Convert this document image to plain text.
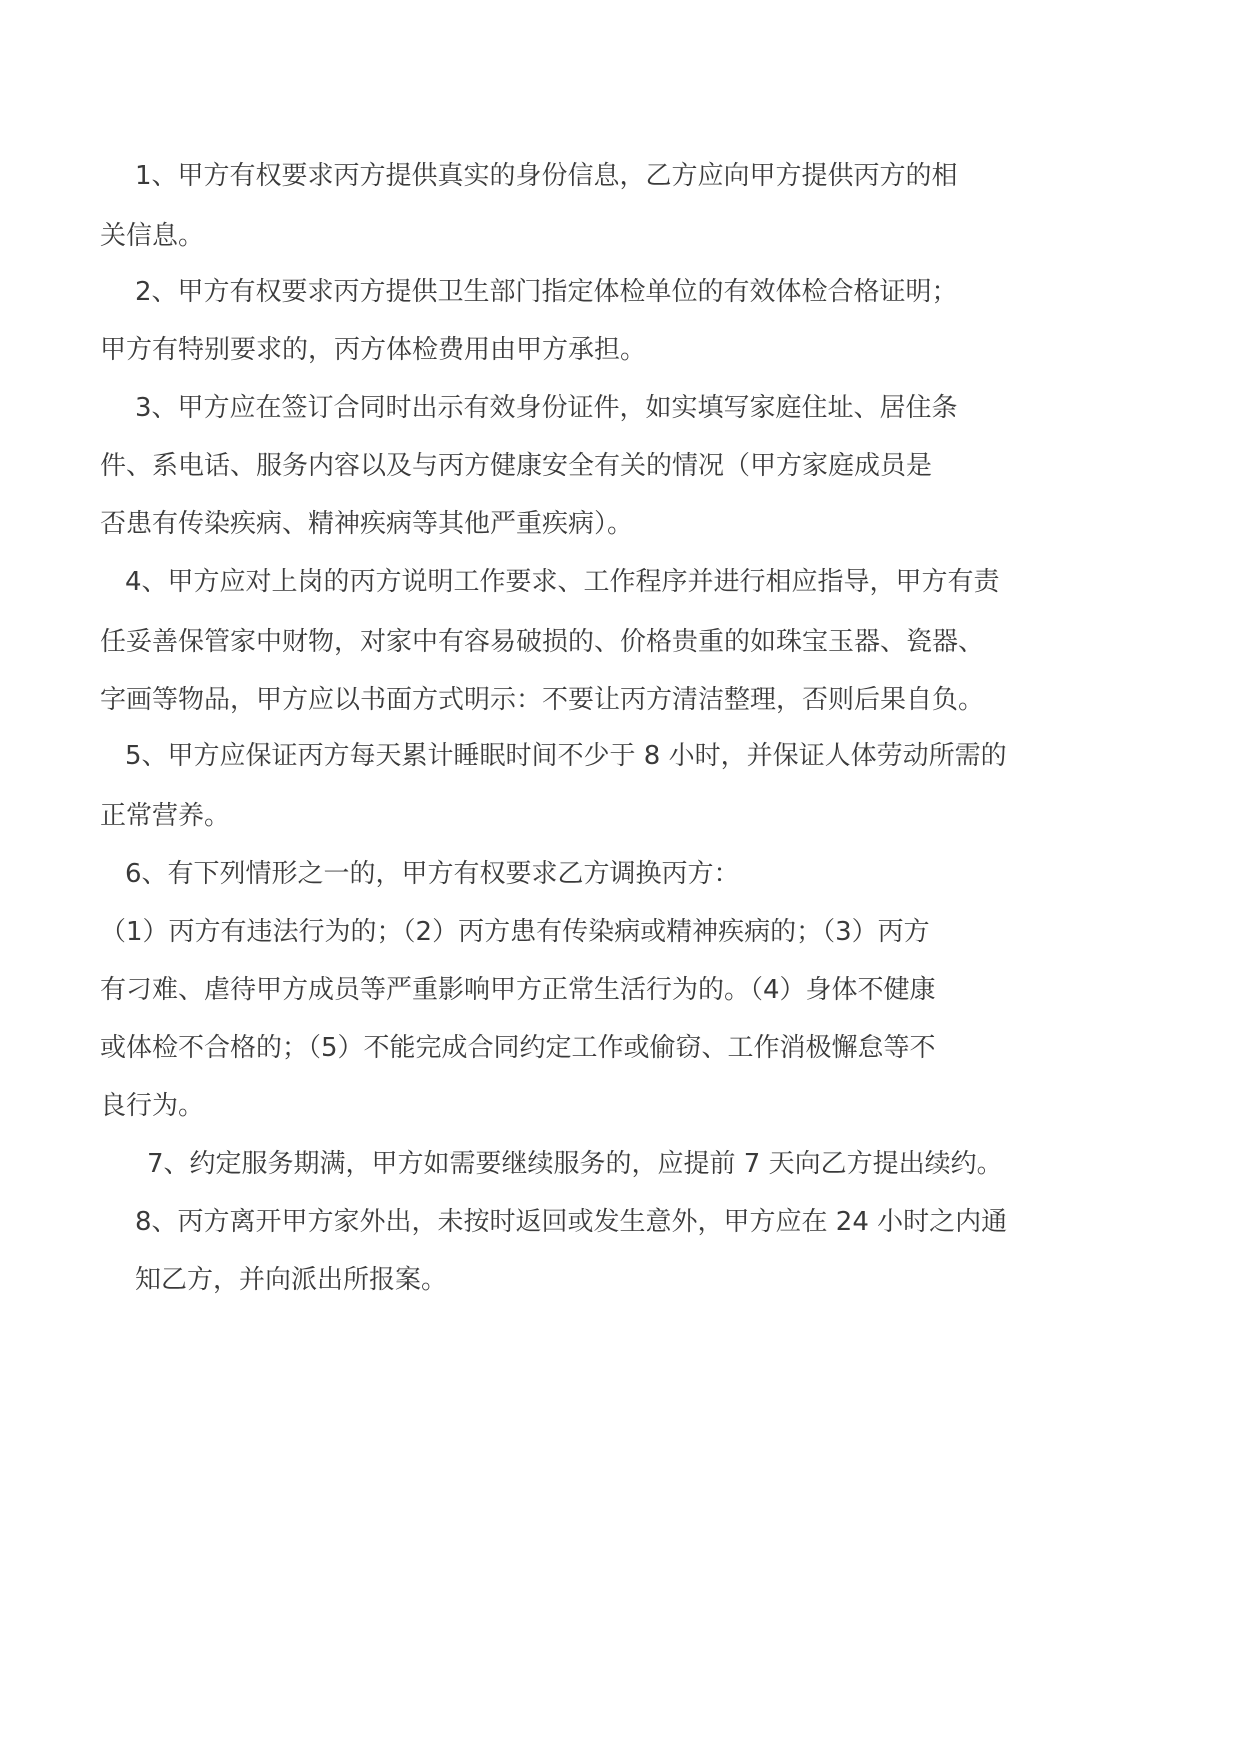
1、甲方有权要求丙方提供真实的身份信息，乙方应向甲方提供丙方的相
关信息。
2、甲方有权要求丙方提供卫生部门指定体检单位的有效体检合格证明；
甲方有特别要求的，丙方体检费用由甲方承担。
3、甲方应在签订合同时出示有效身份证件，如实填写家庭住址、居住条
件、系电话、服务内容以及与丙方健康安全有关的情况（甲方家庭成员是
否患有传染疾病、精神疾病等其他严重疾病）。
4、甲方应对上岗的丙方说明工作要求、工作程序并进行相应指导，甲方有责
任妥善保管家中财物，对家中有容易破损的、价格贵重的如珠宝玉器、瓷器、
字画等物品，甲方应以书面方式明示：不要让丙方清洁整理，否则后果自负。
5、甲方应保证丙方每天累计睡眠时间不少于 8 小时，并保证人体劳动所需的
正常营养。
6、有下列情形之一的，甲方有权要求乙方调换丙方：
（1）丙方有违法行为的；（2）丙方患有传染病或精神疾病的；（3）丙方
有刁难、虐待甲方成员等严重影响甲方正常生活行为的。（4）身体不健康
或体检不合格的；（5）不能完成合同约定工作或偷窃、工作消极懈怠等不
良行为。
7、约定服务期满，甲方如需要继续服务的，应提前 7 天向乙方提出续约。
8、丙方离开甲方家外出，未按时返回或发生意外，甲方应在 24 小时之内通
知乙方，并向派出所报案。
